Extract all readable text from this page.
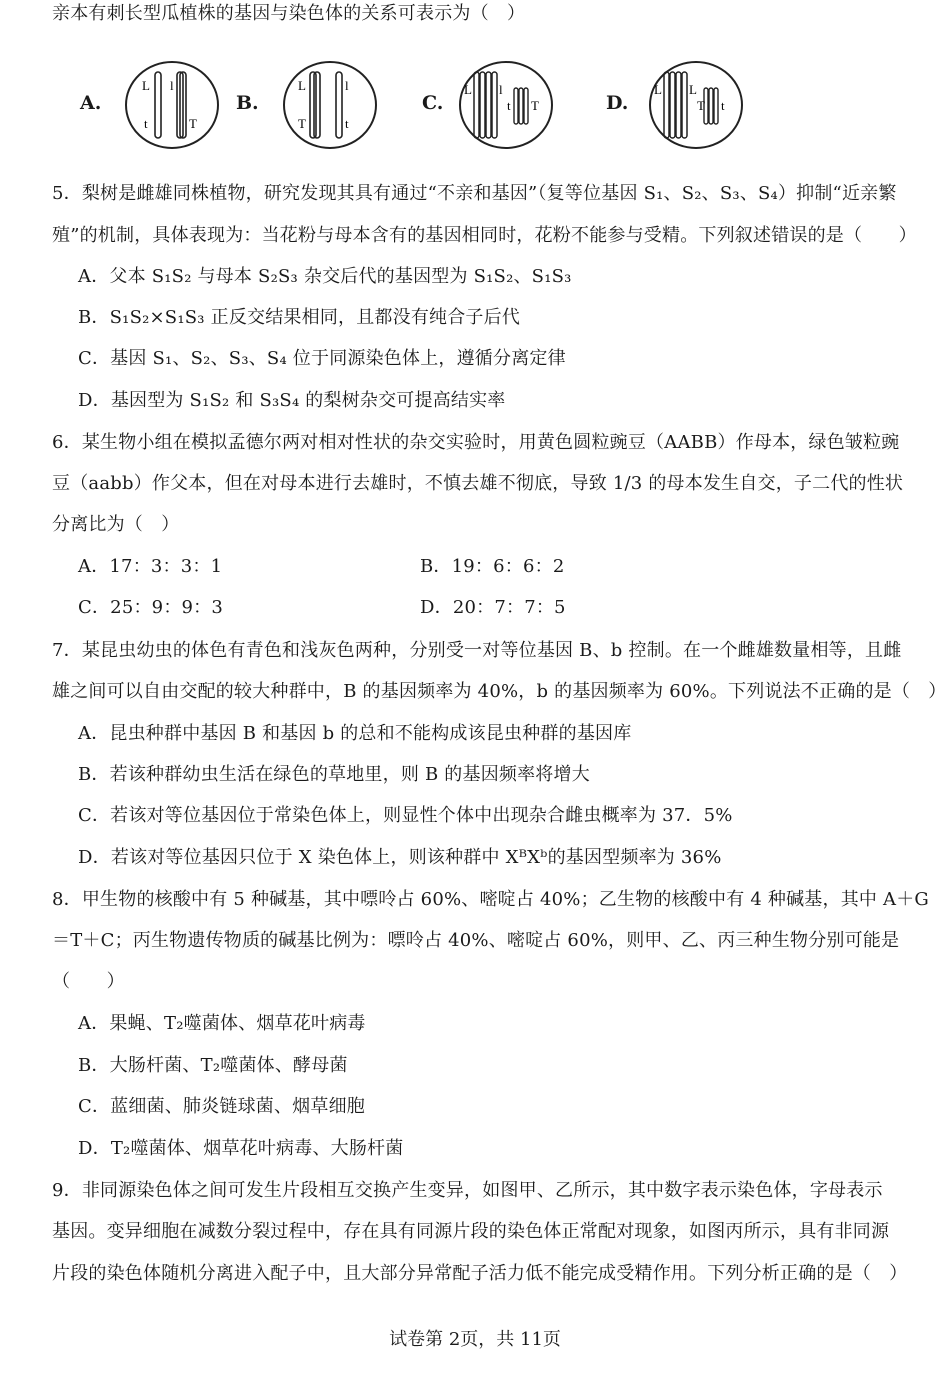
亲本有刺长型瓜植株的基因与染色体的关系可表示为（　）
A.
L l
t	T
B.
L	l
T	t
C.
L l
t T	D.
L L
T t
5．梨树是雌雄同株植物，研究发现其具有通过“不亲和基因”（复等位基因 S₁、S₂、S₃、S₄）抑制“近亲繁
殖”的机制，具体表现为：当花粉与母本含有的基因相同时，花粉不能参与受精。下列叙述错误的是（　　）
A．父本 S₁S₂ 与母本 S₂S₃ 杂交后代的基因型为 S₁S₂、S₁S₃
B．S₁S₂×S₁S₃ 正反交结果相同，且都没有纯合子后代
C．基因 S₁、S₂、S₃、S₄ 位于同源染色体上，遵循分离定律
D．基因型为 S₁S₂ 和 S₃S₄ 的梨树杂交可提高结实率
6．某生物小组在模拟孟德尔两对相对性状的杂交实验时，用黄色圆粒豌豆（AABB）作母本，绿色皱粒豌
豆（aabb）作父本，但在对母本进行去雄时，不慎去雄不彻底，导致 1/3 的母本发生自交，子二代的性状
分离比为（　）
A．17：3：3：1	B．19：6：6：2
C．25：9：9：3	D．20：7：7：5
7．某昆虫幼虫的体色有青色和浅灰色两种，分别受一对等位基因 B、b 控制。在一个雌雄数量相等，且雌
雄之间可以自由交配的较大种群中，B 的基因频率为 40%，b 的基因频率为 60%。下列说法不正确的是（　）
A．昆虫种群中基因 B 和基因 b 的总和不能构成该昆虫种群的基因库
B．若该种群幼虫生活在绿色的草地里，则 B 的基因频率将增大
C．若该对等位基因位于常染色体上，则显性个体中出现杂合雌虫概率为 37．5%
D．若该对等位基因只位于 X 染色体上，则该种群中 XᴮXᵇ的基因型频率为 36%
8．甲生物的核酸中有 5 种碱基，其中嘌呤占 60%、嘧啶占 40%；乙生物的核酸中有 4 种碱基，其中 A＋G
＝T＋C；丙生物遗传物质的碱基比例为：嘌呤占 40%、嘧啶占 60%，则甲、乙、丙三种生物分别可能是
（　　）
A．果蝇、T₂噬菌体、烟草花叶病毒
B．大肠杆菌、T₂噬菌体、酵母菌
C．蓝细菌、肺炎链球菌、烟草细胞
D．T₂噬菌体、烟草花叶病毒、大肠杆菌
9．非同源染色体之间可发生片段相互交换产生变异，如图甲、乙所示，其中数字表示染色体，字母表示
基因。变异细胞在减数分裂过程中，存在具有同源片段的染色体正常配对现象，如图丙所示，具有非同源
片段的染色体随机分离进入配子中，且大部分异常配子活力低不能完成受精作用。下列分析正确的是（　）
试卷第 2页，共 11页
